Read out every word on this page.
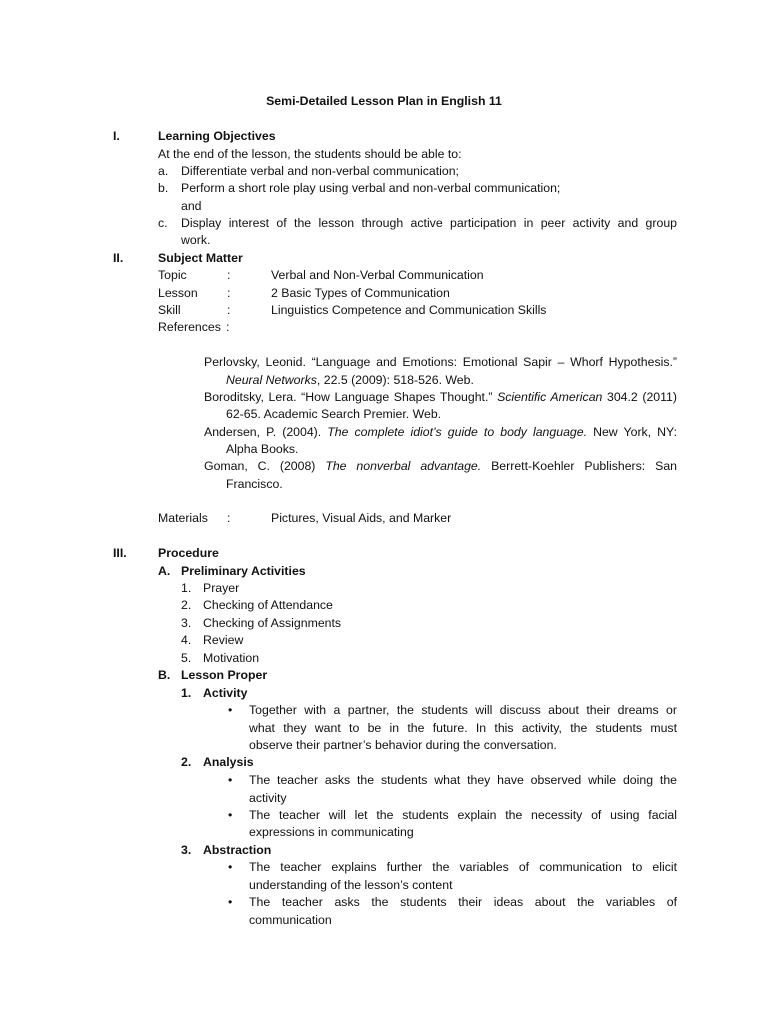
Semi-Detailed Lesson Plan in English 11
I.	Learning Objectives
At the end of the lesson, the students should be able to:
a. Differentiate verbal and non-verbal communication;
b. Perform a short role play using verbal and non-verbal communication;
and
c. Display interest of the lesson through active participation in peer activity and group
work.
II.	Subject Matter
Topic	:	Verbal and Non-Verbal Communication
Lesson :	2 Basic Types of Communication
Skill	:	Linguistics Competence and Communication Skills
References :
Perlovsky, Leonid. “Language and Emotions: Emotional Sapir – Whorf Hypothesis.”
Neural Networks, 22.5 (2009): 518-526. Web.
Boroditsky, Lera. “How Language Shapes Thought.” Scientific American 304.2 (2011)
62-65. Academic Search Premier. Web.
Andersen, P. (2004). The complete idiot’s guide to body language. New York, NY:
Alpha Books.
Goman, C. (2008) The nonverbal advantage. Berrett-Koehler Publishers: San
Francisco.
Materials :	Pictures, Visual Aids, and Marker
III.	Procedure
A. Preliminary Activities
1. Prayer
2. Checking of Attendance
3. Checking of Assignments
4. Review
5. Motivation
B. Lesson Proper
1. Activity
• Together with a partner, the students will discuss about their dreams or
what they want to be in the future. In this activity, the students must
observe their partner’s behavior during the conversation.
2. Analysis
• The teacher asks the students what they have observed while doing the
activity
• The teacher will let the students explain the necessity of using facial
expressions in communicating
3. Abstraction
• The teacher explains further the variables of communication to elicit
understanding of the lesson’s content
• The teacher asks the students their ideas about the variables of
communication
